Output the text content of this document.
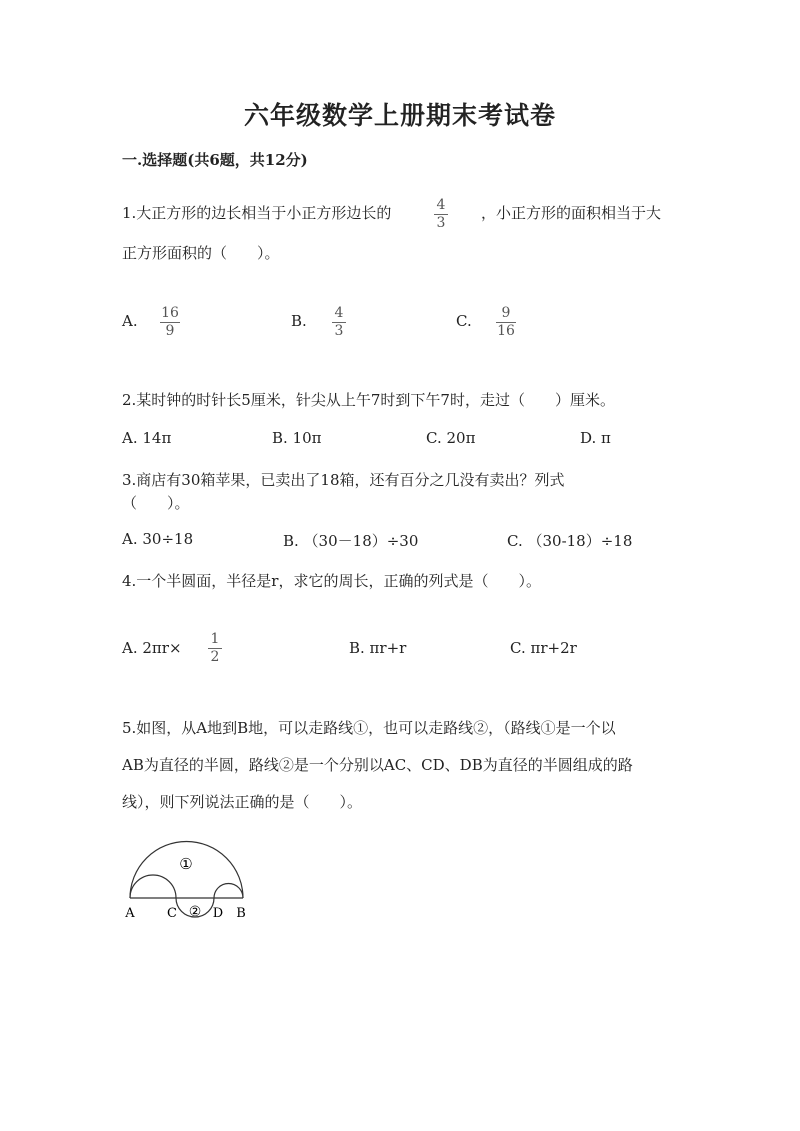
六年级数学上册期末考试卷
一.选择题(共6题，共12分)
1.大正方形的边长相当于小正方形边长的	4
3
，小正方形的面积相当于大
正方形面积的（　　）。
A. 16
9
B. 4
3
C. 9
16
2.某时钟的时针长5厘米，针尖从上午7时到下午7时，走过（　　）厘米。
A. 14π	B. 10π	C. 20π	D. π
3.商店有30箱苹果，已卖出了18箱，还有百分之几没有卖出？列式
（　　）。
A. 30÷18	B. （30－18）÷30	C. （30-18）÷18
4.一个半圆面，半径是r，求它的周长，正确的列式是（　　）。
A. 2πr× 1
2	B. πr+r	C. πr+2r
5.如图，从A地到B地，可以走路线①，也可以走路线②，（路线①是一个以
AB为直径的半圆，路线②是一个分别以AC、CD、DB为直径的半圆组成的路
线），则下列说法正确的是（　　）。
①
②
A C	D B
